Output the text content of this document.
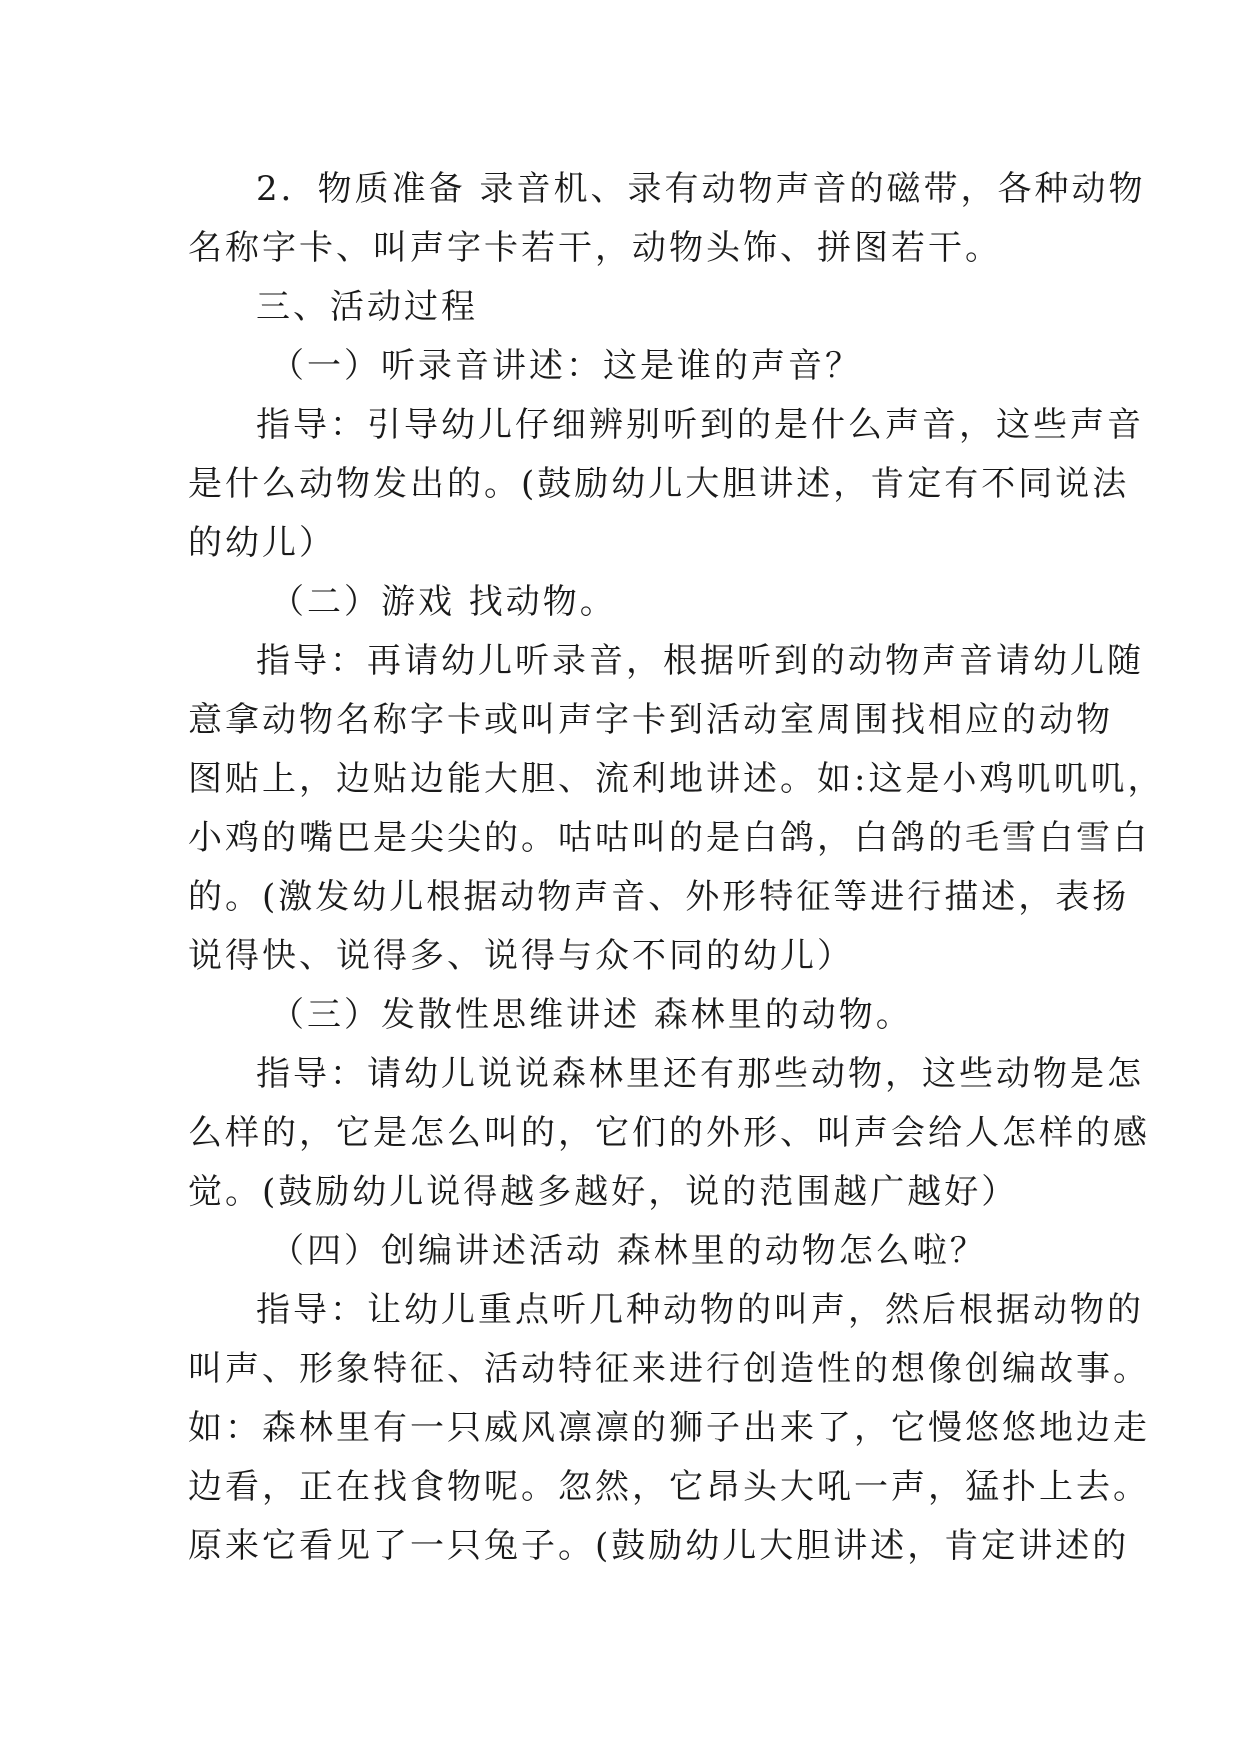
2．物质准备 录音机、录有动物声音的磁带，各种动物
名称字卡、叫声字卡若干，动物头饰、拼图若干。
三、活动过程
（一）听录音讲述：这是谁的声音？
指导：引导幼儿仔细辨别听到的是什么声音，这些声音
是什么动物发出的。(鼓励幼儿大胆讲述，肯定有不同说法
的幼儿）
（二）游戏 找动物。
指导：再请幼儿听录音，根据听到的动物声音请幼儿随
意拿动物名称字卡或叫声字卡到活动室周围找相应的动物
图贴上，边贴边能大胆、流利地讲述。如:这是小鸡叽叽叽，
小鸡的嘴巴是尖尖的。咕咕叫的是白鸽，白鸽的毛雪白雪白
的。(激发幼儿根据动物声音、外形特征等进行描述，表扬
说得快、说得多、说得与众不同的幼儿）
（三）发散性思维讲述 森林里的动物。
指导：请幼儿说说森林里还有那些动物，这些动物是怎
么样的，它是怎么叫的，它们的外形、叫声会给人怎样的感
觉。(鼓励幼儿说得越多越好，说的范围越广越好）
（四）创编讲述活动 森林里的动物怎么啦？
指导：让幼儿重点听几种动物的叫声，然后根据动物的
叫声、形象特征、活动特征来进行创造性的想像创编故事。
如：森林里有一只威风凛凛的狮子出来了，它慢悠悠地边走
边看，正在找食物呢。忽然，它昂头大吼一声，猛扑上去。
原来它看见了一只兔子。(鼓励幼儿大胆讲述，肯定讲述的
